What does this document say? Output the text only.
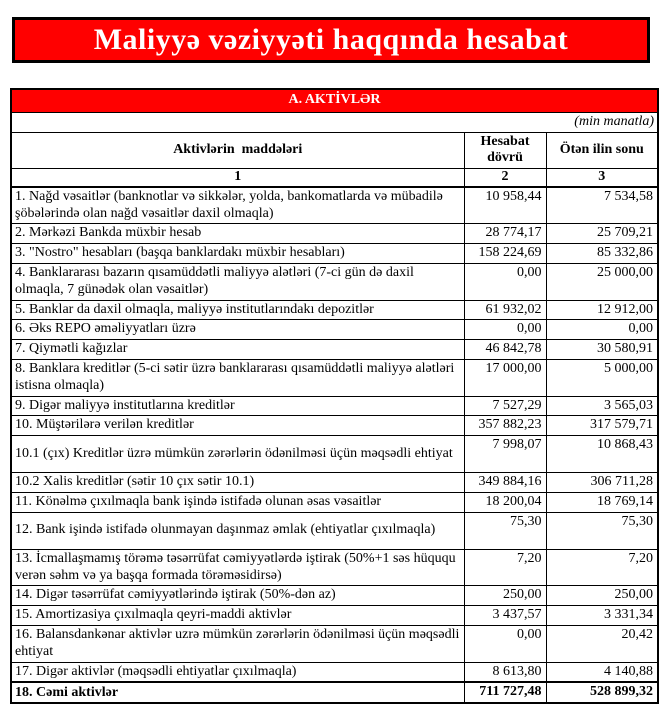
Maliyyə vəziyyəti haqqında hesabat
A. AKTİVLƏR		
(min manatla)		
Aktivlərin  maddələri	Hesabat dövrü	Ötən ilin sonu
1	2	3
1. Nağd vəsaitlər (banknotlar və sikkələr, yolda, bankomatlarda və mübadilə şöbələrində olan nağd vəsaitlər daxil olmaqla)	10 958,44	7 534,58
2. Mərkəzi Bankda müxbir hesab	28 774,17	25 709,21
3. "Nostro" hesabları (başqa banklardakı müxbir hesabları)	158 224,69	85 332,86
4. Banklararası bazarın qısamüddətli maliyyə alətləri (7-ci gün də daxil olmaqla, 7 günədək olan vəsaitlər)	0,00	25 000,00
5. Banklar da daxil olmaqla, maliyyə institutlarındakı depozitlər	61 932,02	12 912,00
6. Əks REPO əməliyyatları üzrə	0,00	0,00
7. Qiymətli kağızlar	46 842,78	30 580,91
8. Banklara kreditlər (5-ci sətir üzrə banklararası qısamüddətli maliyyə alətləri istisna olmaqla)	17 000,00	5 000,00
9. Digər maliyyə institutlarına kreditlər	7 527,29	3 565,03
10. Müştərilərə verilən kreditlər	357 882,23	317 579,71
10.1 (çıx) Kreditlər üzrə mümkün zərərlərin ödənilməsi üçün məqsədli ehtiyat	7 998,07	10 868,43
10.2 Xalis kreditlər (sətir 10 çıx sətir 10.1)	349 884,16	306 711,28
11. Könəlmə çıxılmaqla bank işində istifadə olunan əsas vəsaitlər	18 200,04	18 769,14
12. Bank işində istifadə olunmayan daşınmaz əmlak (ehtiyatlar çıxılmaqla)	75,30	75,30
13. İcmallaşmamış törəmə təsərrüfat cəmiyyətlərdə iştirak (50%+1 səs hüququ verən səhm və ya başqa formada törəməsidirsə)	7,20	7,20
14. Digər təsərrüfat cəmiyyətlərində iştirak (50%-dən az)	250,00	250,00
15. Amortizasiya çıxılmaqla qeyri-maddi aktivlər	3 437,57	3 331,34
16. Balansdankənar aktivlər uzrə mümkün zərərlərin ödənilməsi üçün məqsədli ehtiyat	0,00	20,42
17. Digər aktivlər (məqsədli ehtiyatlar çıxılmaqla)	8 613,80	4 140,88
18. Cəmi aktivlər	711 727,48	528 899,32
